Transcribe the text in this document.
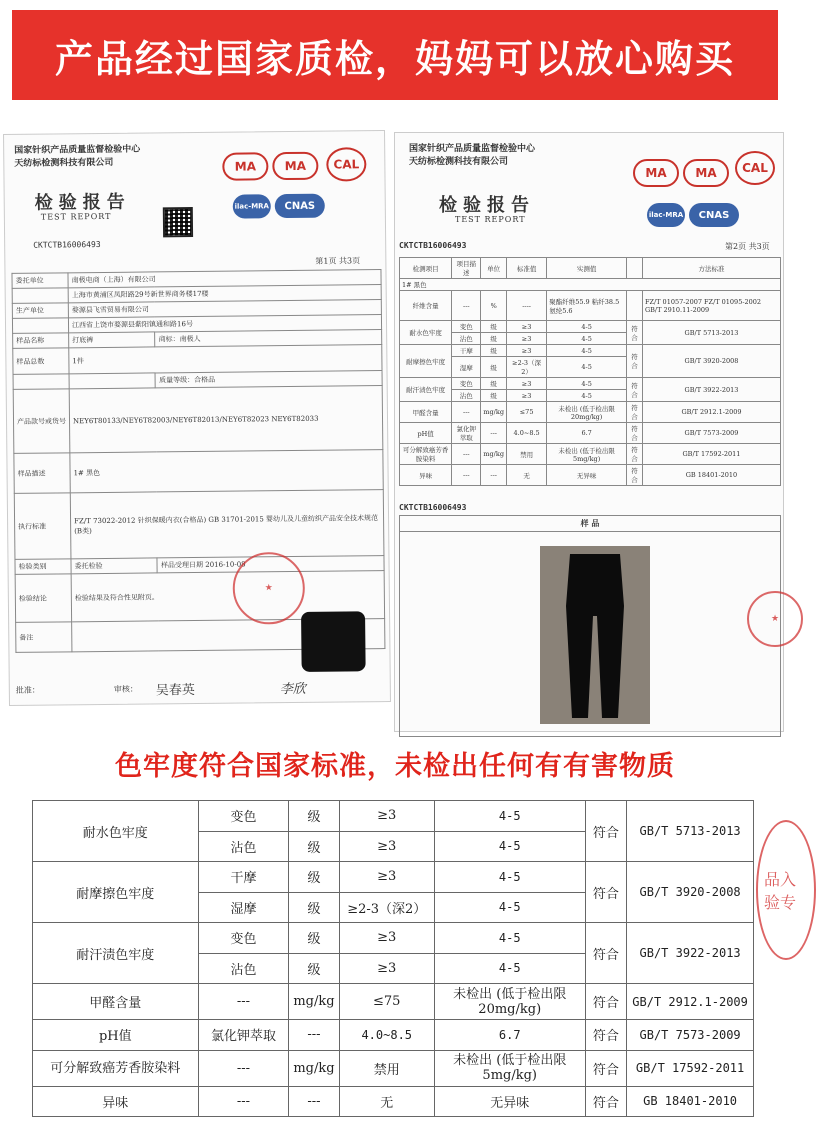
产品经过国家质检，妈妈可以放心购买
国家针织产品质量监督检验中心
天纺标检测科技有限公司
检验报告
TEST REPORT
CKTCTB16006493
MA	MA	CAL
ilac-MRA	CNAS
第1页 共3页
委托单位	南极电商（上海）有限公司	
	上海市黄浦区凤阳路29号新世界商务楼17楼	
生产单位	婺源县飞雪贸易有限公司	
	江西省上饶市婺源县紫阳镇通和路16号	
样品名称	打底裤	商标：南极人
样品总数	1件	
		质量等级：合格品
产品款号或货号	NEY6T80133/NEY6T82003/NEY6T82013/NEY6T82023 NEY6T82033	
样品描述	1# 黑色	
执行标准	FZ/T 73022-2012 针织保暖内衣(合格品) GB 31701-2015 婴幼儿及儿童纺织产品安全技术规范(B类)	
检验类别	委托检验	样品受理日期 2016-10-08
检验结论	检验结果及符合性见附页。	
备注		
★
批准：	审核： 吴春英	李欣
国家针织产品质量监督检验中心
天纺标检测科技有限公司
检验报告
TEST REPORT
MA	MA	CAL
ilac-MRA	CNAS
CKTCTB16006493	第2页 共3页
检测项目	项目描述	单位	标准值	实测值		方法标准
1# 黑色						
纤维含量	---	%	----	聚酯纤维55.9 粘纤38.5 氨纶5.6		FZ/T 01057-2007 FZ/T 01095-2002 GB/T 2910.11-2009
耐水色牢度	变色	级	≥3	4-5	符合	GB/T 5713-2013
	沾色	级	≥3	4-5		
耐摩擦色牢度	干摩	级	≥3	4-5	符合	GB/T 3920-2008
	湿摩	级	≥2-3（深2）	4-5		
耐汗渍色牢度	变色	级	≥3	4-5	符合	GB/T 3922-2013
	沾色	级	≥3	4-5		
甲醛含量	---	mg/kg	≤75	未检出 (低于检出限20mg/kg)	符合	GB/T 2912.1-2009
pH值	氯化钾萃取	---	4.0~8.5	6.7	符合	GB/T 7573-2009
可分解致癌芳香胺染料	---	mg/kg	禁用	未检出 (低于检出限5mg/kg)	符合	GB/T 17592-2011
异味	---	---	无	无异味	符合	GB 18401-2010
CKTCTB16006493
样 品
★
色牢度符合国家标准，未检出任何有有害物质
耐水色牢度	变色	级	≥3	4-5	符合	GB/T 5713-2013
	沾色	级	≥3	4-5		
耐摩擦色牢度	干摩	级	≥3	4-5	符合	GB/T 3920-2008
	湿摩	级	≥2-3（深2）	4-5		
耐汗渍色牢度	变色	级	≥3	4-5	符合	GB/T 3922-2013
	沾色	级	≥3	4-5		
甲醛含量	---	mg/kg	≤75	未检出 (低于检出限20mg/kg)	符合	GB/T 2912.1-2009
pH值	氯化钾萃取	---	4.0~8.5	6.7	符合	GB/T 7573-2009
可分解致癌芳香胺染料	---	mg/kg	禁用	未检出 (低于检出限5mg/kg)	符合	GB/T 17592-2011
异味	---	---	无	无异味	符合	GB 18401-2010
品入 验专
